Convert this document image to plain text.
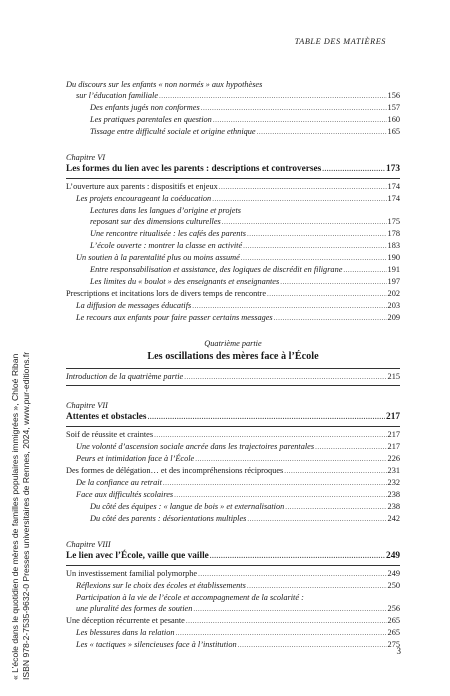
TABLE DES MATIÈRES
« L’école dans le quotidien de mères de familles populaires immigrées », Chloé Riban ISBN 978-2-7535-9632-0 Presses universitaires de Rennes, 2024, www.pur-editions.fr
Du discours sur les enfants « non normés » aux hypothèses
sur l’éducation familiale .....	156
Des enfants jugés non conformes .....	157
Les pratiques parentales en question .....	160
Tissage entre difficulté sociale et origine ethnique .....	165
Chapitre VI
Les formes du lien avec les parents : descriptions et controverses .....	173
L’ouverture aux parents : dispositifs et enjeux .....	174
Les projets encourageant la coéducation .....	174
Lectures dans les langues d’origine et projets
reposant sur des dimensions culturelles .....	175
Une rencontre ritualisée : les cafés des parents .....	178
L’école ouverte : montrer la classe en activité .....	183
Un soutien à la parentalité plus ou moins assumé .....	190
Entre responsabilisation et assistance, des logiques de discrédit en filigrane .....	191
Les limites du « boulot » des enseignants et enseignantes .....	197
Prescriptions et incitations lors de divers temps de rencontre .....	202
La diffusion de messages éducatifs .....	203
Le recours aux enfants pour faire passer certains messages .....	209
Quatrième partie
Les oscillations des mères face à l’École
Introduction de la quatrième partie .....	215
Chapitre VII
Attentes et obstacles .....	217
Soif de réussite et craintes .....	217
Une volonté d’ascension sociale ancrée dans les trajectoires parentales .....	217
Peurs et intimidation face à l’École .....	226
Des formes de délégation… et des incompréhensions réciproques .....	231
De la confiance au retrait .....	232
Face aux difficultés scolaires .....	238
Du côté des équipes : « langue de bois » et externalisation .....	238
Du côté des parents : désorientations multiples .....	242
Chapitre VIII
Le lien avec l’École, vaille que vaille .....	249
Un investissement familial polymorphe .....	249
Réflexions sur le choix des écoles et établissements .....	250
Participation à la vie de l’école et accompagnement de la scolarité :
une pluralité des formes de soutien .....	256
Une déception récurrente et pesante .....	265
Les blessures dans la relation .....	265
Les « tactiques » silencieuses face à l’institution .....	275
3
